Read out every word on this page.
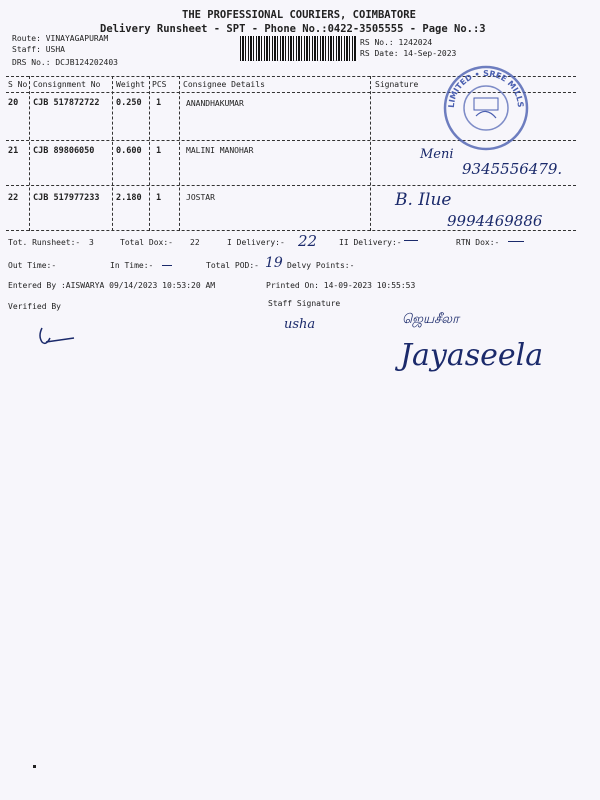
THE PROFESSIONAL COURIERS, COIMBATORE
Delivery Runsheet - SPT - Phone No.:0422-3505555 - Page No.:3
Route: VINAYAGAPURAM
Staff: USHA
DRS No.: DCJB124202403
RS No.: 1242024
RS Date: 14-Sep-2023
S No Consignment No Weight PCS Consignee Details	Signature
20 CJB 517872722 0.250 1	ANANDHAKUMAR
21 CJB 89806050	0.600 1	MALINI MANOHAR	Meni
9345556479.
22 CJB 517977233 2.180 1	JOSTAR	B. Ilue
9994469886
LIMITED • SREE MILLS
Tot. Runsheet:- 3	Total Dox:- 22	I Delivery:- 22	II Delivery:-	RTN Dox:-
Out Time:-	In Time:-	Total POD:- 19 Delvy Points:-
Entered By :AISWARYA 09/14/2023 10:53:20 AM	Printed On: 14-09-2023 10:55:53
Verified By	Staff Signature
usha	ஜெயசீலா
Jayaseela
